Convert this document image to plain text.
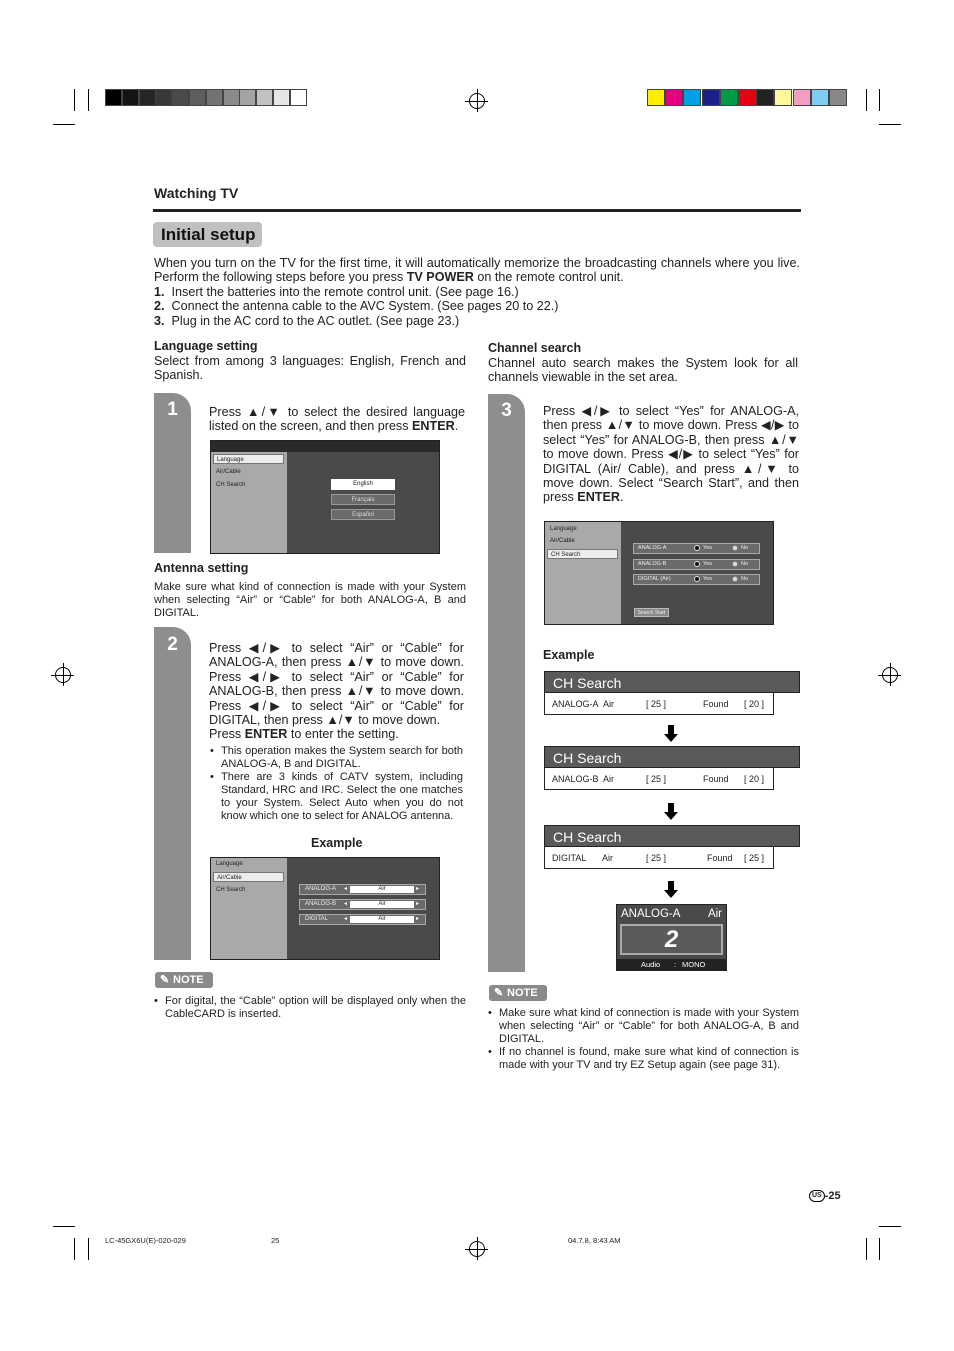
Watching TV
Initial setup
When you turn on the TV for the first time, it will automatically memorize the broadcasting channels where you live. Perform the following steps before you press TV POWER on the remote control unit.
1. Insert the batteries into the remote control unit. (See page 16.)
2. Connect the antenna cable to the AVC System. (See pages 20 to 22.)
3. Plug in the AC cord to the AC outlet. (See page 23.)
Language setting
Select from among 3 languages: English, French and Spanish.
1	Press ▲/▼ to select the desired language listed on the screen, and then press ENTER.
Language
Air/Cable
CH Search	English
Français
Español
Antenna setting
Make sure what kind of connection is made with your System when selecting “Air” or “Cable” for both ANALOG-A, B and DIGITAL.
2	Press ◀/▶ to select “Air” or “Cable” for ANALOG-A, then press ▲/▼ to move down. Press ◀/▶ to select “Air” or “Cable” for ANALOG-B, then press ▲/▼ to move down. Press ◀/▶ to select “Air” or “Cable” for DIGITAL, then press ▲/▼ to move down.
Press ENTER to enter the setting.
• This operation makes the System search for both ANALOG-A, B and DIGITAL.
• There are 3 kinds of CATV system, including Standard, HRC and IRC. Select the one matches to your System. Select Auto when you do not know which one to select for ANALOG antenna.
Example
Language
Air/Cable
CH Search	ANALOG-A ◂	Air	▸
ANALOG-B ◂	Air	▸
DIGITAL	◂	Air	▸
✎ NOTE
• For digital, the “Cable” option will be displayed only when the CableCARD is inserted.
Channel search
Channel auto search makes the System look for all channels viewable in the set area.
3	Press ◀/▶ to select “Yes” for ANALOG-A, then press ▲/▼ to move down. Press ◀/▶ to select “Yes” for ANALOG-B, then press ▲/▼ to move down. Press ◀/▶ to select “Yes” for DIGITAL (Air/ Cable), and press ▲/▼ to move down. Select “Search Start”, and then press ENTER.
Language
Air/Cable
CH Search
ANALOG-A	Yes	No
ANALOG-B	Yes	No
DIGITAL (Air)	Yes	No
Search Start
Example
CH Search
ANALOG-A Air	[ 25 ]	Found [ 20 ]
CH Search
ANALOG-B Air	[ 25 ]	Found [ 20 ]
CH Search
DIGITAL Air	[ 25 ]	Found [ 25 ]
ANALOG-A Air
2
Audio : MONO
✎ NOTE
• Make sure what kind of connection is made with your System when selecting “Air” or “Cable” for both ANALOG-A, B and DIGITAL.
• If no channel is found, make sure what kind of connection is made with your TV and try EZ Setup again (see page 31).
US -25
LC-45GX6U(E)-020-029	25	04.7.8, 8:43 AM
